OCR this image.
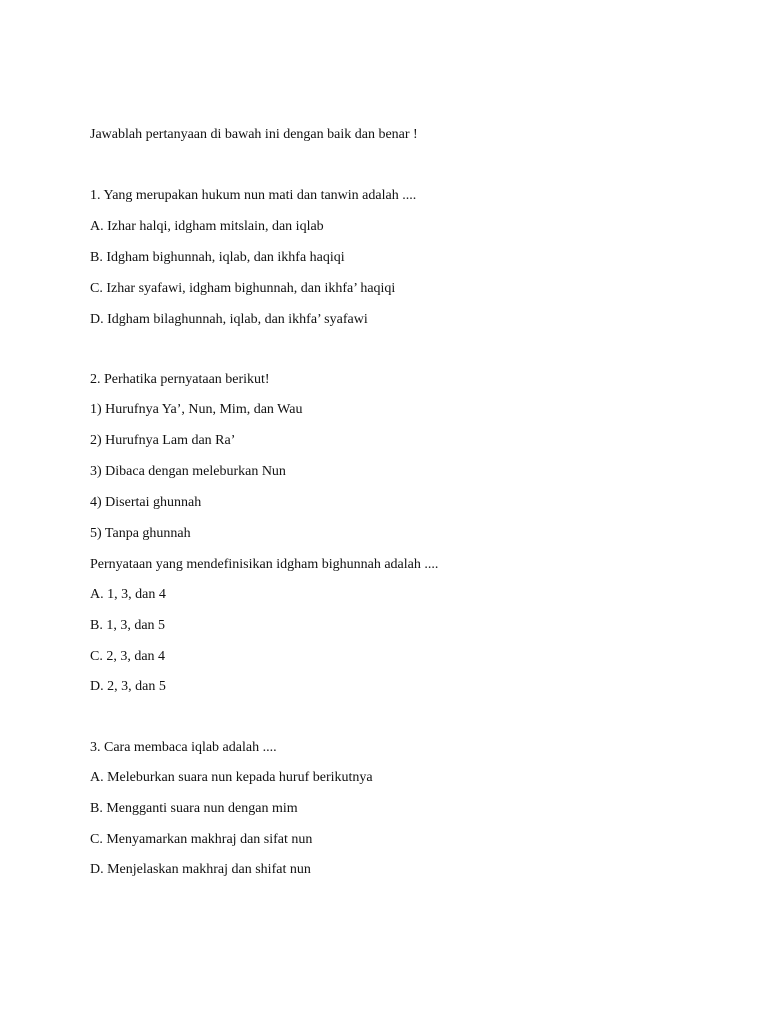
Jawablah pertanyaan di bawah ini dengan baik dan benar !

1. Yang merupakan hukum nun mati dan tanwin adalah ....

A. Izhar halqi, idgham mitslain, dan iqlab

B. Idgham bighunnah, iqlab, dan ikhfa haqiqi

C. Izhar syafawi, idgham bighunnah, dan ikhfa’ haqiqi

D. Idgham bilaghunnah, iqlab, dan ikhfa’ syafawi

2. Perhatika pernyataan berikut!

1) Hurufnya Ya’, Nun, Mim, dan Wau

2) Hurufnya Lam dan Ra’

3) Dibaca dengan meleburkan Nun

4) Disertai ghunnah

5) Tanpa ghunnah

Pernyataan yang mendefinisikan idgham bighunnah adalah ....

A. 1, 3, dan 4

B. 1, 3, dan 5

C. 2, 3, dan 4

D. 2, 3, dan 5

3. Cara membaca iqlab adalah ....

A. Meleburkan suara nun kepada huruf berikutnya

B. Mengganti suara nun dengan mim

C. Menyamarkan makhraj dan sifat nun

D. Menjelaskan makhraj dan shifat nun
